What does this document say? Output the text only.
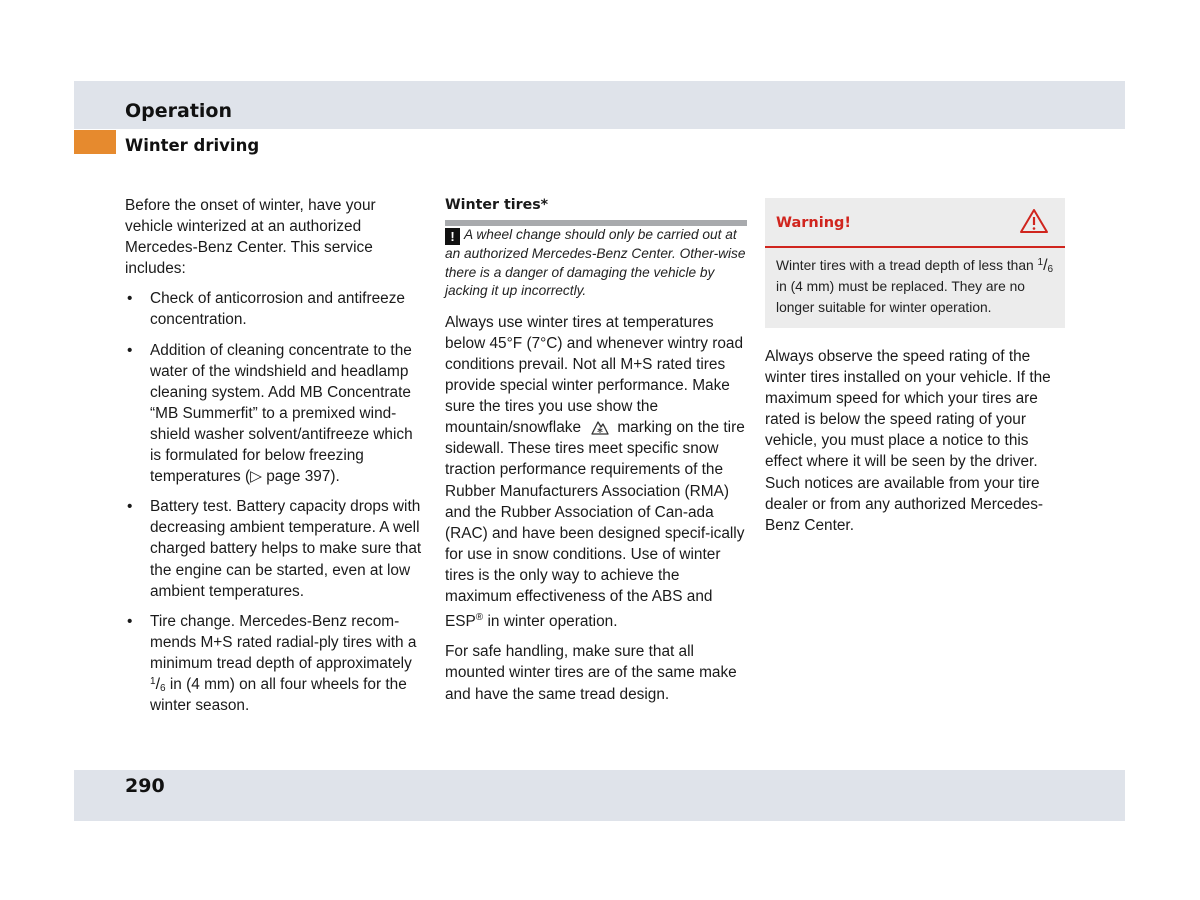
Operation
Winter driving

Before the onset of winter, have your vehicle winterized at an authorized Mercedes-Benz Center. This service includes:

• Check of anticorrosion and antifreeze concentration.
• Addition of cleaning concentrate to the water of the windshield and headlamp cleaning system. Add MB Concentrate “MB Summerfit” to a premixed wind-shield washer solvent/antifreeze which is formulated for below freezing temperatures (▷ page 397).
• Battery test. Battery capacity drops with decreasing ambient temperature. A well charged battery helps to make sure that the engine can be started, even at low ambient temperatures.
• Tire change. Mercedes-Benz recom-mends M+S rated radial-ply tires with a minimum tread depth of approximately $^1/_6$ in (4 mm) on all four wheels for the winter season.
Winter tires*

! A wheel change should only be carried out at an authorized Mercedes-Benz Center. Other-wise there is a danger of damaging the vehicle by jacking it up incorrectly.

Always use winter tires at temperatures below 45°F (7°C) and whenever wintry road conditions prevail. Not all M+S rated tires provide special winter performance. Make sure the tires you use show the mountain/snowflake marking on the tire sidewall. These tires meet specific snow traction performance requirements of the Rubber Manufacturers Association (RMA) and the Rubber Association of Can-ada (RAC) and have been designed specif-ically for use in snow conditions. Use of winter tires is the only way to achieve the maximum effectiveness of the ABS and ESP® in winter operation.

For safe handling, make sure that all mounted winter tires are of the same make and have the same tread design.

Warning!
Winter tires with a tread depth of less than $^1/_6$ in (4 mm) must be replaced. They are no longer suitable for winter operation.

Always observe the speed rating of the winter tires installed on your vehicle. If the maximum speed for which your tires are rated is below the speed rating of your vehicle, you must place a notice to this effect where it will be seen by the driver. Such notices are available from your tire dealer or from any authorized Mercedes-Benz Center.

290
